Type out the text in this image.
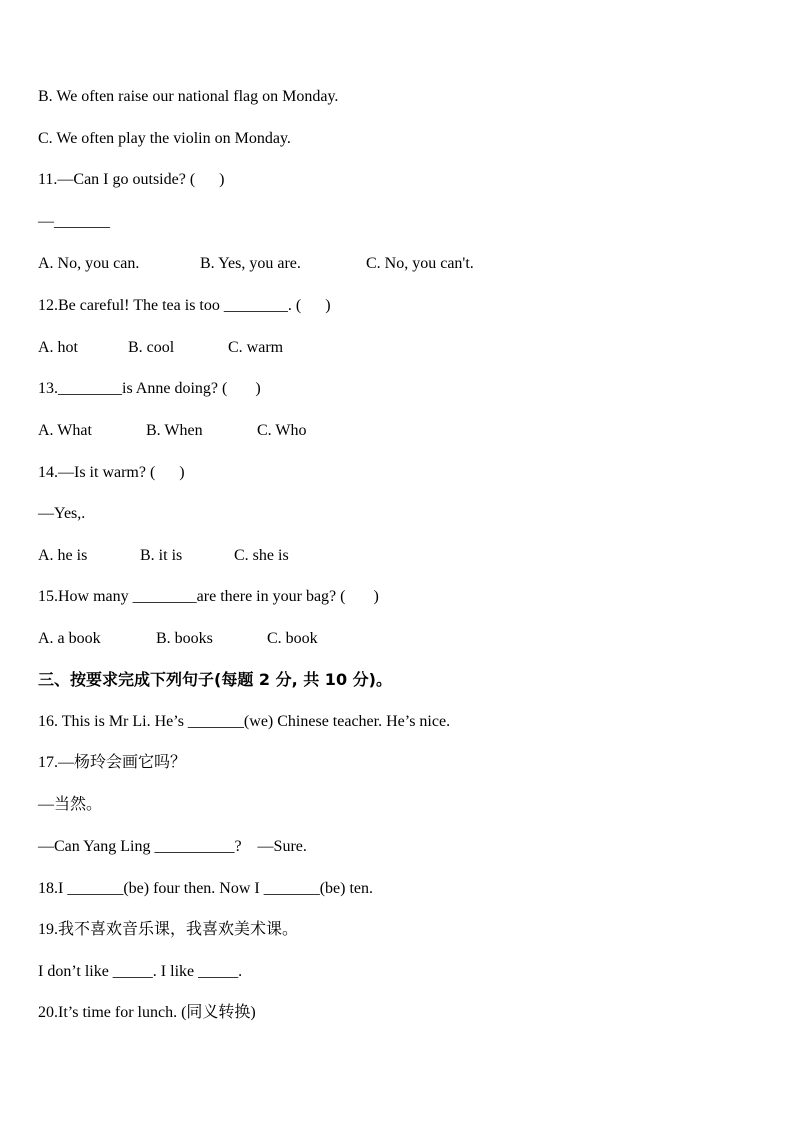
B. We often raise our national flag on Monday.
C. We often play the violin on Monday.
11.—Can I go outside? (      )
—_______
A. No, you can.	B. Yes, you are.	C. No, you can't.
12.Be careful! The tea is too ________. (      )
A. hot	B. cool	C. warm
13.________is Anne doing? (       )
A. What	B. When	C. Who
14.—Is it warm? (      )
—Yes,.
A. he is	B. it is	C. she is
15.How many ________are there in your bag? (       )
A. a book	B. books	C. book
三、按要求完成下列句子(每题 2 分, 共 10 分)。
16. This is Mr Li. He’s _______(we) Chinese teacher. He’s nice.
17.—杨玲会画它吗？
—当然。
—Can Yang Ling __________?    —Sure.
18.I _______(be) four then. Now I _______(be) ten.
19.我不喜欢音乐课，我喜欢美术课。
I don’t like _____. I like _____.
20.It’s time for lunch. (同义转换)
